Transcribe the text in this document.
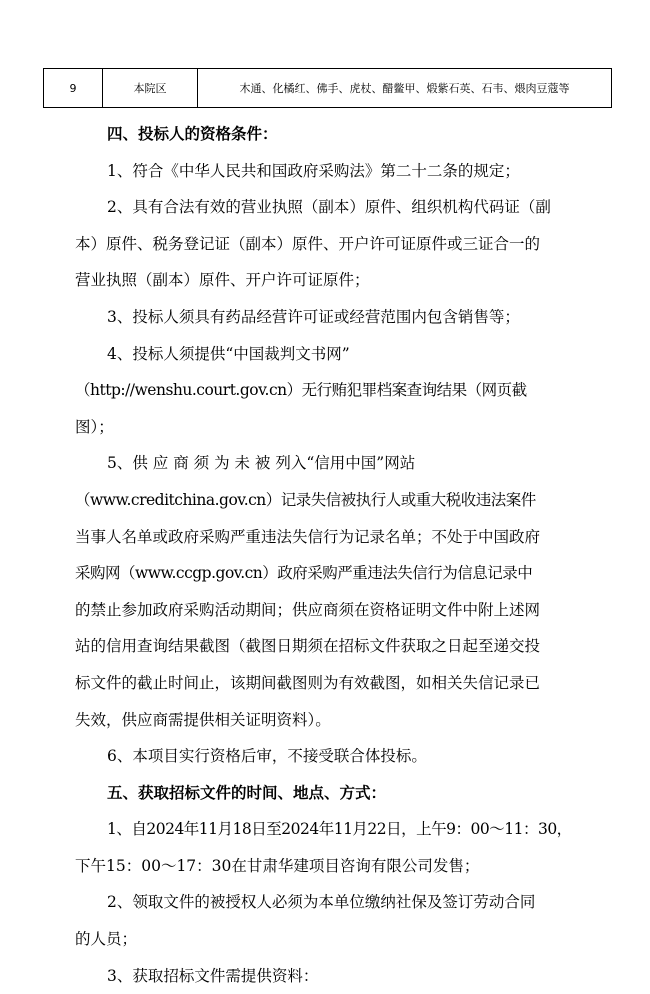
9	本院区	木通、化橘红、佛手、虎杖、醋鳖甲、煅紫石英、石韦、煨肉豆蔻等

四、投标人的资格条件：

1、符合《中华人民共和国政府采购法》第二十二条的规定；

2、具有合法有效的营业执照（副本）原件、组织机构代码证（副

本）原件、税务登记证（副本）原件、开户许可证原件或三证合一的

营业执照（副本）原件、开户许可证原件；

3、投标人须具有药品经营许可证或经营范围内包含销售等；

4、投标人须提供“中国裁判文书网”

（http://wenshu.court.gov.cn）无行贿犯罪档案查询结果（网页截

图）；

5、供 应 商 须 为 未 被 列入“信用中国”网站

（www.creditchina.gov.cn）记录失信被执行人或重大税收违法案件

当事人名单或政府采购严重违法失信行为记录名单；不处于中国政府

采购网（www.ccgp.gov.cn）政府采购严重违法失信行为信息记录中

的禁止参加政府采购活动期间；供应商须在资格证明文件中附上述网

站的信用查询结果截图（截图日期须在招标文件获取之日起至递交投

标文件的截止时间止，该期间截图则为有效截图，如相关失信记录已

失效，供应商需提供相关证明资料）。

6、本项目实行资格后审，不接受联合体投标。

五、获取招标文件的时间、地点、方式：

1、自2024年11月18日至2024年11月22日，上午9：00～11：30，

下午15：00～17：30在甘肃华建项目咨询有限公司发售；

2、领取文件的被授权人必须为本单位缴纳社保及签订劳动合同

的人员；

3、获取招标文件需提供资料：
